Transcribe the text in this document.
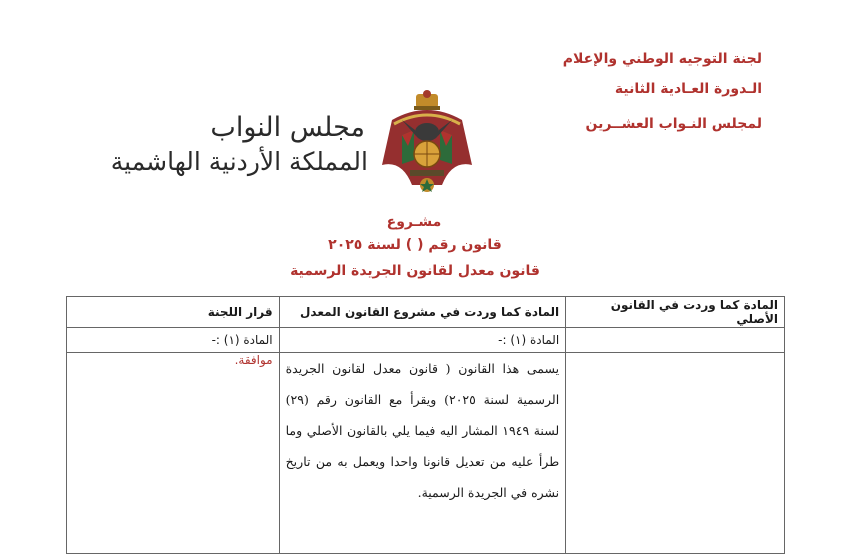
لجنة التوجيه الوطني والإعلام
الـدورة العـادية الثانية
لمجلس النـواب العشــرين
مجلس النواب
المملكة الأردنية الهاشمية
مشـروع
قانون رقم ( ) لسنة ٢٠٢٥
قانون معدل لقانون الجريدة الرسمية
المادة كما وردت في القانون الأصلي	المادة كما وردت في مشروع القانون المعدل	قرار اللجنة
	المادة (١) :-	المادة (١) :-
	يسمى هذا القانون ( قانون معدل لقانون الجريدة الرسمية لسنة ٢٠٢٥) ويقرأ مع القانون رقم (٢٩) لسنة ١٩٤٩ المشار اليه فيما يلي بالقانون الأصلي وما طرأ عليه من تعديل قانونا واحدا ويعمل به من تاريخ نشره في الجريدة الرسمية.	موافقة.
